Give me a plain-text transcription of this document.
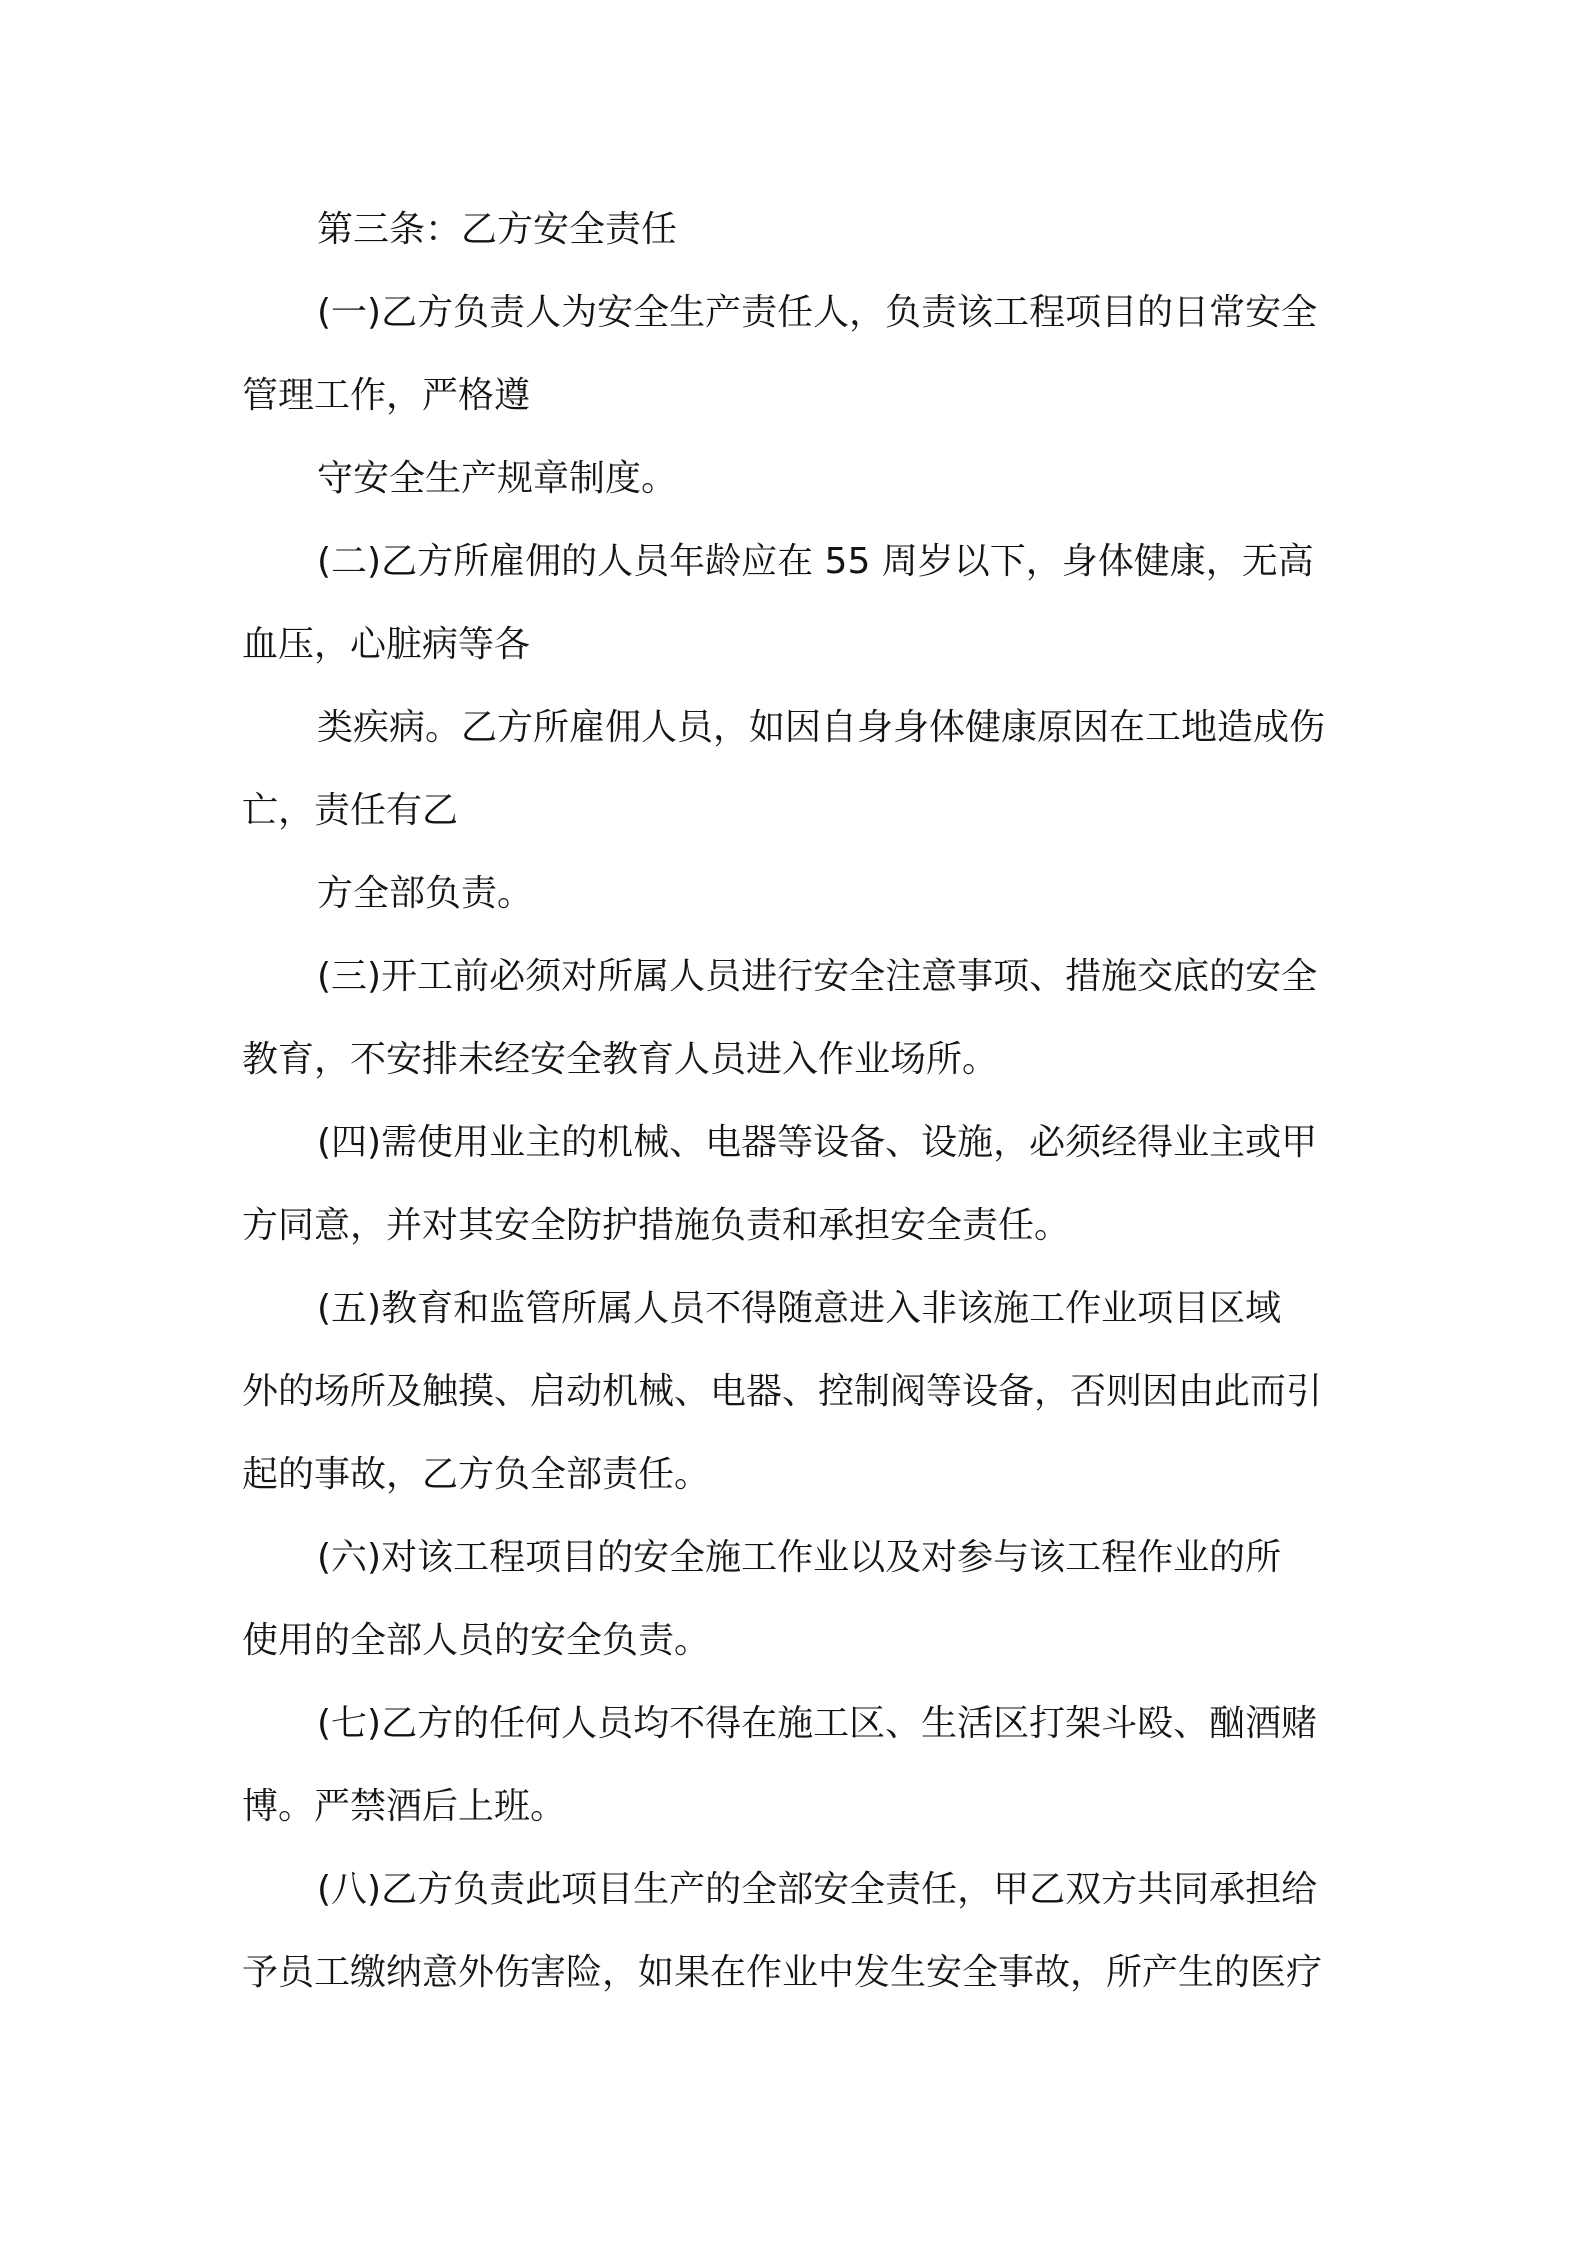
第三条：乙方安全责任

(一)乙方负责人为安全生产责任人，负责该工程项目的日常安全

管理工作，严格遵

守安全生产规章制度。

(二)乙方所雇佣的人员年龄应在 55 周岁以下，身体健康，无高

血压，心脏病等各

类疾病。乙方所雇佣人员，如因自身身体健康原因在工地造成伤

亡，责任有乙

方全部负责。

(三)开工前必须对所属人员进行安全注意事项、措施交底的安全

教育，不安排未经安全教育人员进入作业场所。

(四)需使用业主的机械、电器等设备、设施，必须经得业主或甲

方同意，并对其安全防护措施负责和承担安全责任。

(五)教育和监管所属人员不得随意进入非该施工作业项目区域

外的场所及触摸、启动机械、电器、控制阀等设备，否则因由此而引

起的事故，乙方负全部责任。

(六)对该工程项目的安全施工作业以及对参与该工程作业的所

使用的全部人员的安全负责。

(七)乙方的任何人员均不得在施工区、生活区打架斗殴、酗酒赌

博。严禁酒后上班。

(八)乙方负责此项目生产的全部安全责任，甲乙双方共同承担给

予员工缴纳意外伤害险，如果在作业中发生安全事故，所产生的医疗
